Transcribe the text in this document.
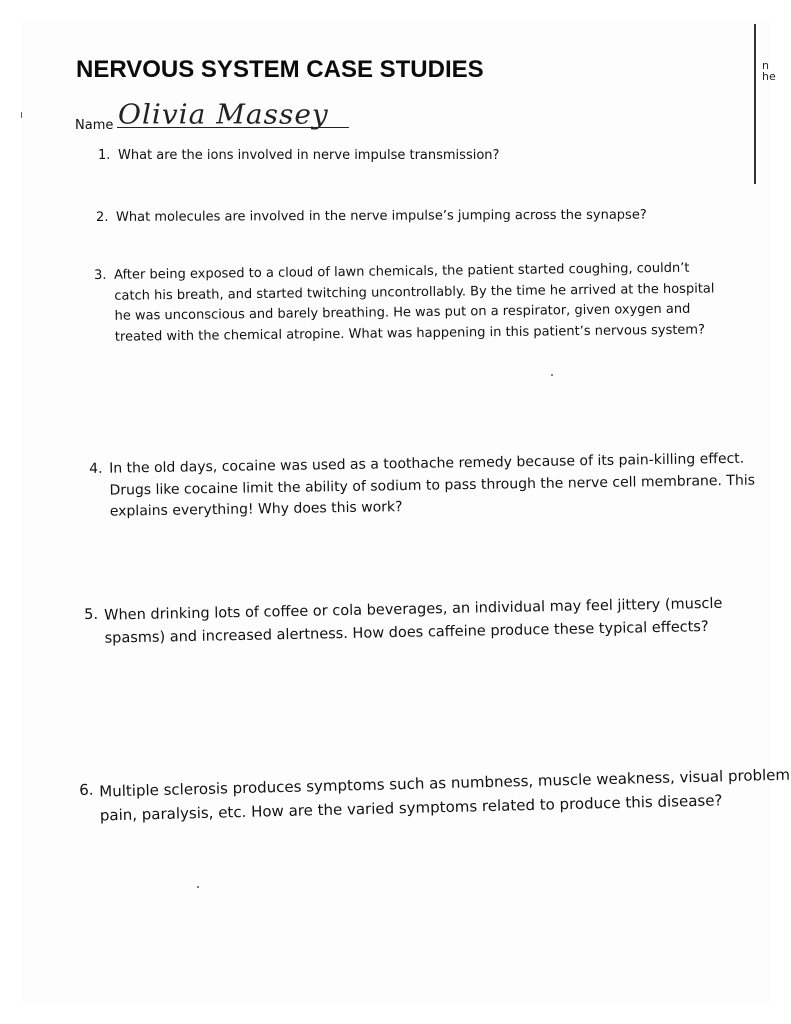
n
he
NERVOUS SYSTEM CASE STUDIES
Name Olivia Massey
1. What are the ions involved in nerve impulse transmission?
2. What molecules are involved in the nerve impulse’s jumping across the synapse?
3. After being exposed to a cloud of lawn chemicals, the patient started coughing, couldn’t
catch his breath, and started twitching uncontrollably. By the time he arrived at the hospital
he was unconscious and barely breathing. He was put on a respirator, given oxygen and
treated with the chemical atropine. What was happening in this patient’s nervous system?
4. In the old days, cocaine was used as a toothache remedy because of its pain-killing effect.
Drugs like cocaine limit the ability of sodium to pass through the nerve cell membrane. This
explains everything! Why does this work?
5. When drinking lots of coffee or cola beverages, an individual may feel jittery (muscle
spasms) and increased alertness. How does caffeine produce these typical effects?
6. Multiple sclerosis produces symptoms such as numbness, muscle weakness, visual problem
pain, paralysis, etc. How are the varied symptoms related to produce this disease?
